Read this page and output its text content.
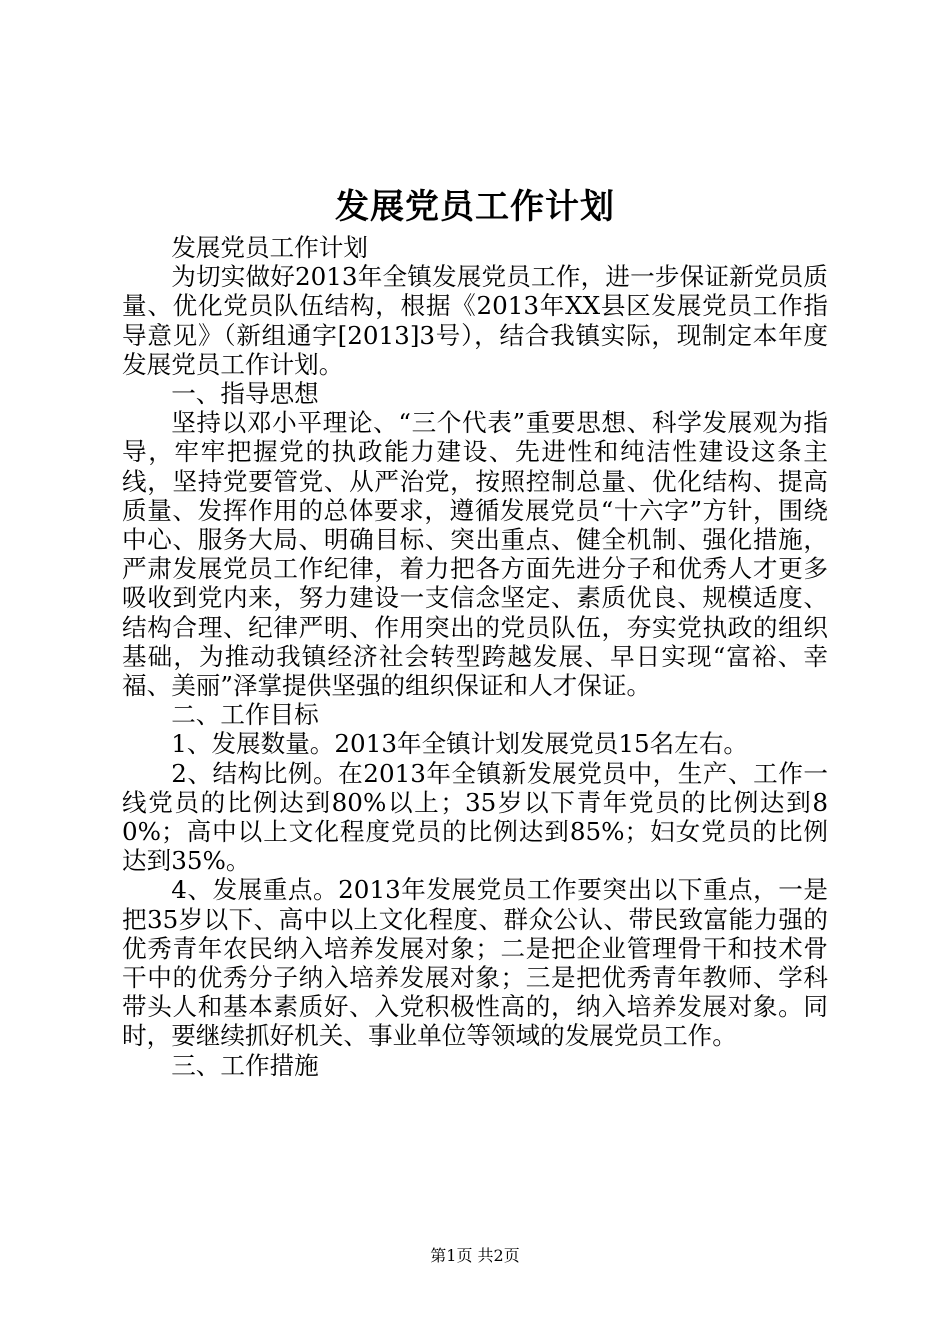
发展党员工作计划

发展党员工作计划

为切实做好2013年全镇发展党员工作，进一步保证新党员质量、优化党员队伍结构，根据《2013年XX县区发展党员工作指导意见》（新组通字[2013]3号），结合我镇实际，现制定本年度发展党员工作计划。

一、指导思想

坚持以邓小平理论、“三个代表”重要思想、科学发展观为指导，牢牢把握党的执政能力建设、先进性和纯洁性建设这条主线，坚持党要管党、从严治党，按照控制总量、优化结构、提高质量、发挥作用的总体要求，遵循发展党员“十六字”方针，围绕中心、服务大局、明确目标、突出重点、健全机制、强化措施，严肃发展党员工作纪律，着力把各方面先进分子和优秀人才更多吸收到党内来，努力建设一支信念坚定、素质优良、规模适度、结构合理、纪律严明、作用突出的党员队伍，夯实党执政的组织基础，为推动我镇经济社会转型跨越发展、早日实现“富裕、幸福、美丽”泽掌提供坚强的组织保证和人才保证。

二、工作目标

1、发展数量。2013年全镇计划发展党员15名左右。

2、结构比例。在2013年全镇新发展党员中，生产、工作一线党员的比例达到80%以上；35岁以下青年党员的比例达到80%；高中以上文化程度党员的比例达到85%；妇女党员的比例达到35%。

4、发展重点。2013年发展党员工作要突出以下重点，一是把35岁以下、高中以上文化程度、群众公认、带民致富能力强的优秀青年农民纳入培养发展对象；二是把企业管理骨干和技术骨干中的优秀分子纳入培养发展对象；三是把优秀青年教师、学科带头人和基本素质好、入党积极性高的，纳入培养发展对象。同时，要继续抓好机关、事业单位等领域的发展党员工作。

三、工作措施

第1页 共2页
